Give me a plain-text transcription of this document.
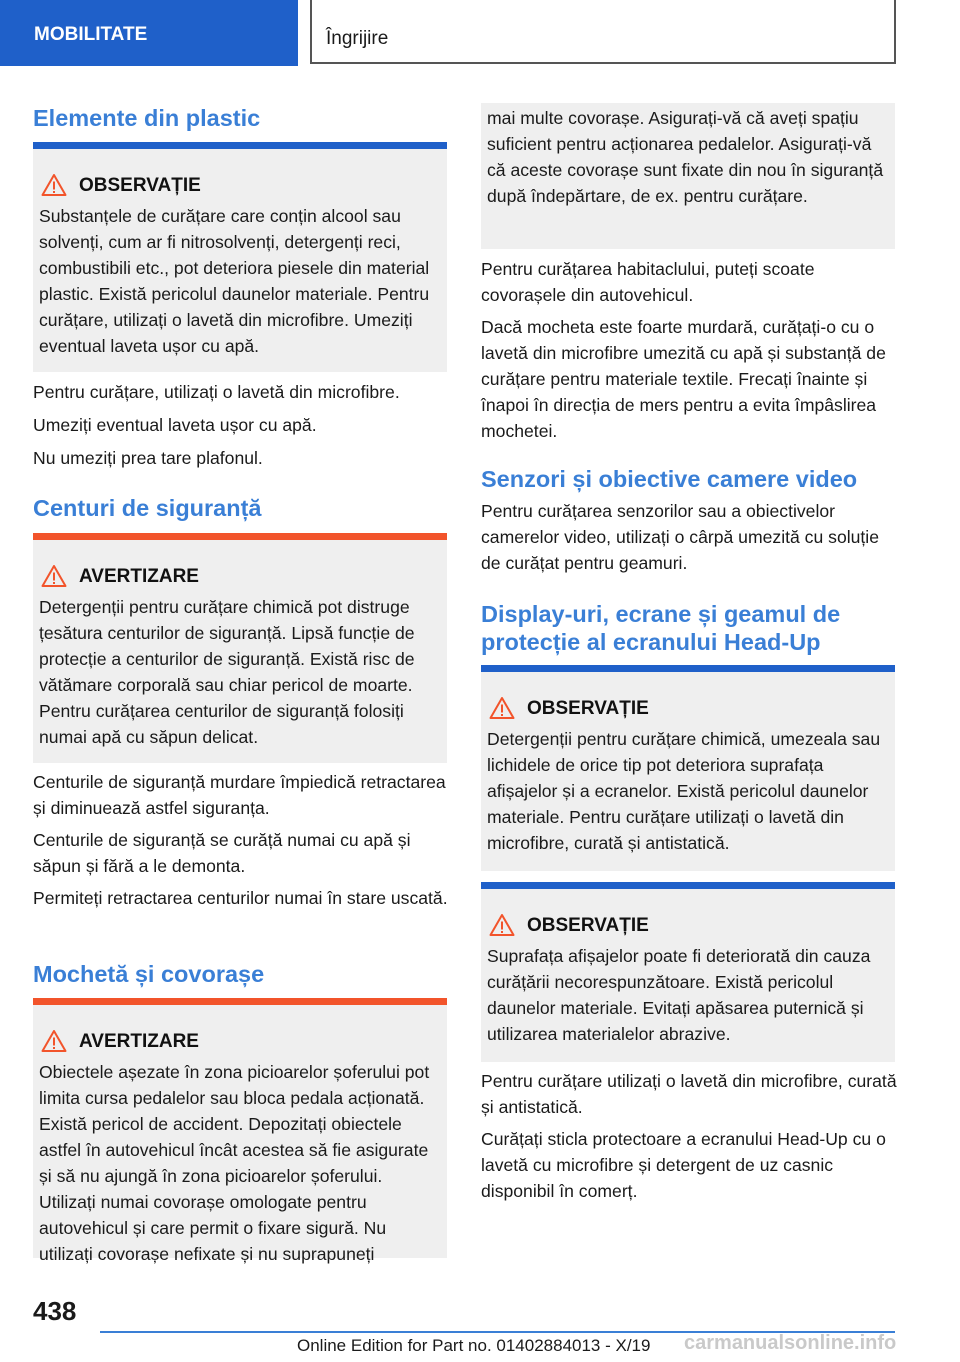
MOBILITATE	Îngrijire
Elemente din plastic
OBSERVAȚIE

Substanțele de curățare care conțin alcool sau solvenți, cum ar fi nitrosolvenți, detergenți reci, combustibili etc., pot deteriora piesele din material plastic. Există pericolul daunelor materiale. Pentru curățare, utilizați o lavetă din microfibre. Umeziți eventual laveta ușor cu apă.

Pentru curățare, utilizați o lavetă din microfibre.

Umeziți eventual laveta ușor cu apă.

Nu umeziți prea tare plafonul.

Centuri de siguranță
AVERTIZARE

Detergenții pentru curățare chimică pot distruge țesătura centurilor de siguranță. Lipsă funcție de protecție a centurilor de siguranță. Există risc de vătămare corporală sau chiar pericol de moarte. Pentru curățarea centurilor de siguranță folosiți numai apă cu săpun delicat.

Centurile de siguranță murdare împiedică retractarea și diminuează astfel siguranța.

Centurile de siguranță se curăță numai cu apă și săpun și fără a le demonta.

Permiteți retractarea centurilor numai în stare uscată.

Mochetă și covorașe
AVERTIZARE

Obiectele așezate în zona picioarelor șoferului pot limita cursa pedalelor sau bloca pedala acționată. Există pericol de accident. Depozitați obiectele astfel în autovehicul încât acestea să fie asigurate și să nu ajungă în zona picioarelor șoferului. Utilizați numai covorașe omologate pentru autovehicul și care permit o fixare sigură. Nu utilizați covorașe nefixate și nu suprapuneți

mai multe covorașe. Asigurați-vă că aveți spațiu suficient pentru acționarea pedalelor. Asigurați-vă că aceste covorașe sunt fixate din nou în siguranță după îndepărtare, de ex. pentru curățare.

Pentru curățarea habitaclului, puteți scoate covorașele din autovehicul.

Dacă mocheta este foarte murdară, curățați-o cu o lavetă din microfibre umezită cu apă și substanță de curățare pentru materiale textile. Frecați înainte și înapoi în direcția de mers pentru a evita împâslirea mochetei.

Senzori și obiective camere video

Pentru curățarea senzorilor sau a obiectivelor camerelor video, utilizați o cârpă umezită cu soluție de curățat pentru geamuri.

Display-uri, ecrane și geamul de protecție al ecranului Head-Up
OBSERVAȚIE

Detergenții pentru curățare chimică, umezeala sau lichidele de orice tip pot deteriora suprafața afișajelor și a ecranelor. Există pericolul daunelor materiale. Pentru curățare utilizați o lavetă din microfibre, curată și antistatică.

OBSERVAȚIE

Suprafața afișajelor poate fi deteriorată din cauza curățării necorespunzătoare. Există pericolul daunelor materiale. Evitați apăsarea puternică și utilizarea materialelor abrazive.

Pentru curățare utilizați o lavetă din microfibre, curată și antistatică.

Curățați sticla protectoare a ecranului Head-Up cu o lavetă cu microfibre și detergent de uz casnic disponibil în comerț.

438
Online Edition for Part no. 01402884013 - X/19 carmanualsonline.info
